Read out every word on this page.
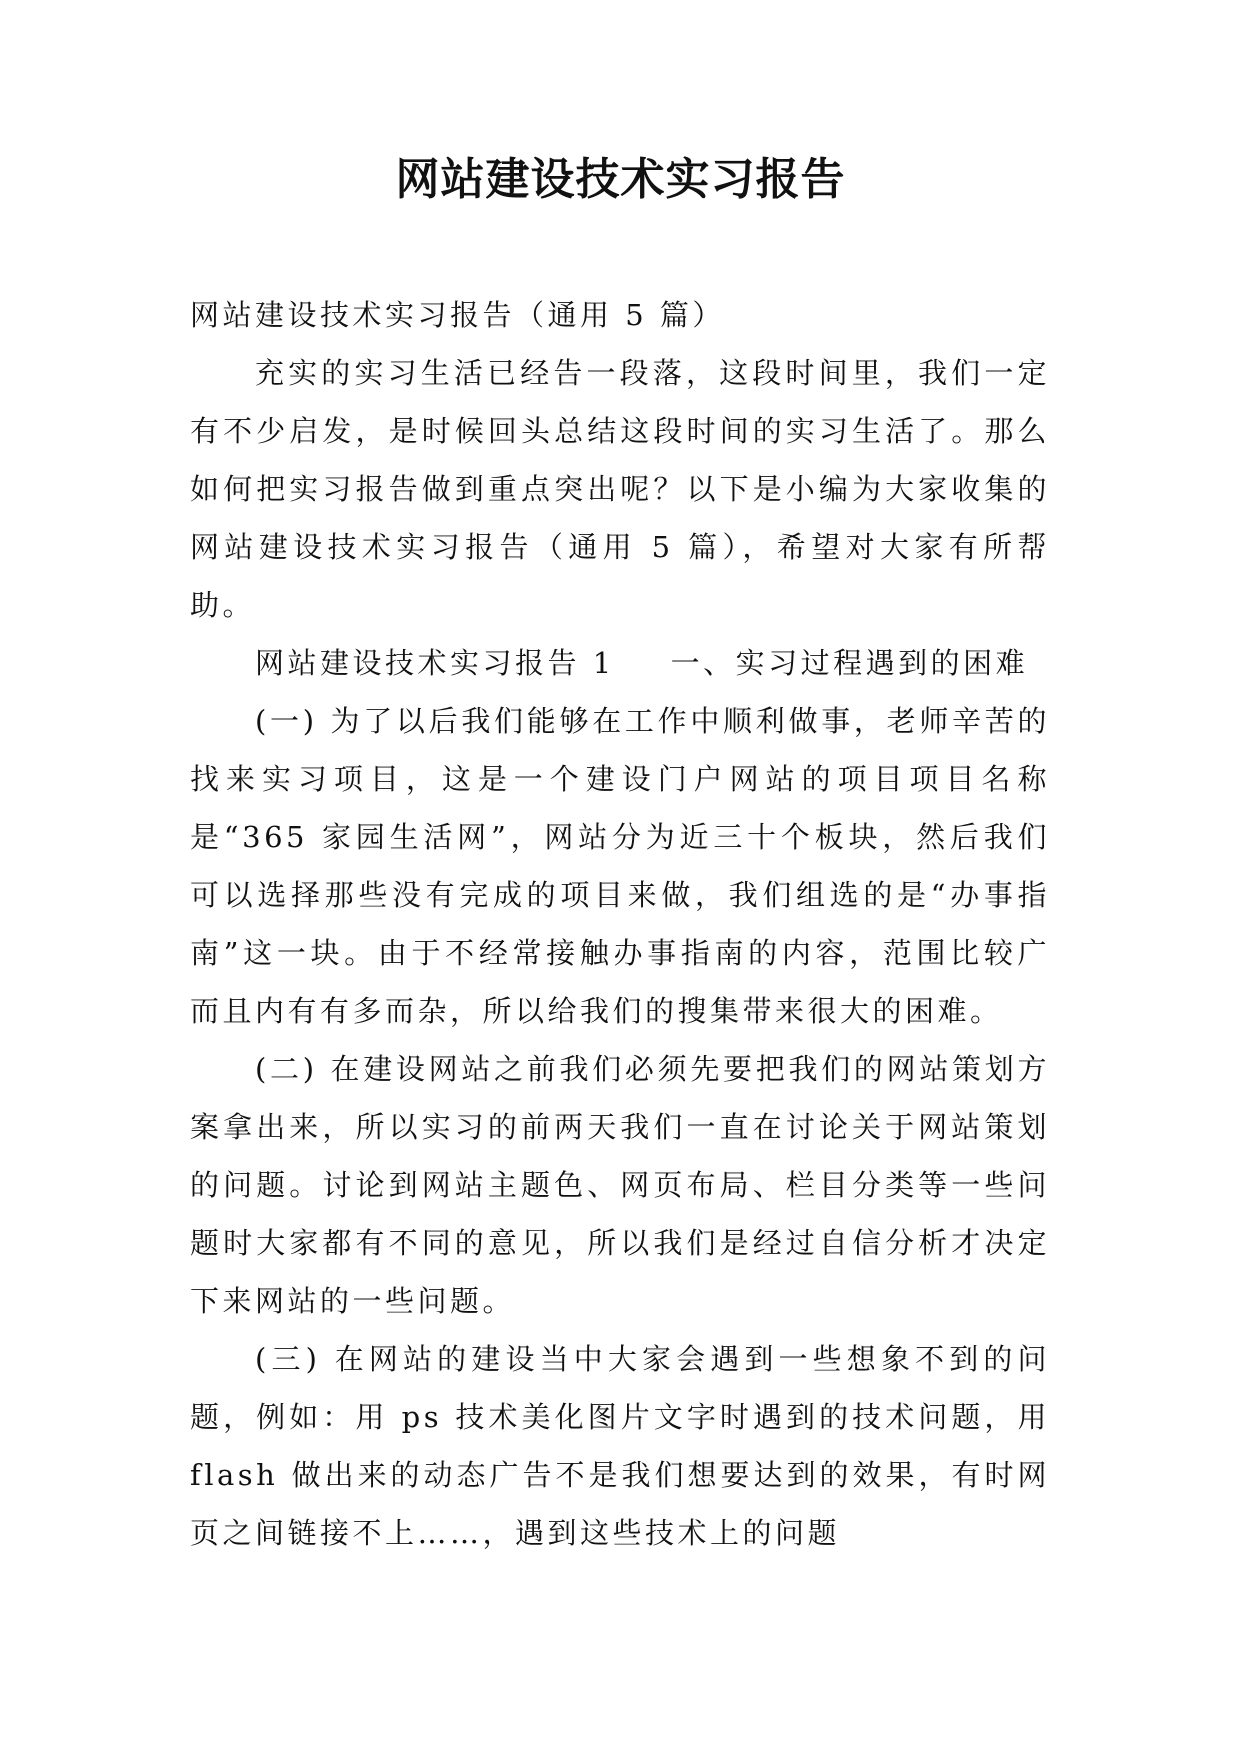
网站建设技术实习报告

网站建设技术实习报告（通用 5 篇）

充实的实习生活已经告一段落，这段时间里，我们一定有不少启发，是时候回头总结这段时间的实习生活了。那么如何把实习报告做到重点突出呢？以下是小编为大家收集的网站建设技术实习报告（通用 5 篇），希望对大家有所帮助。

网站建设技术实习报告 1 一、实习过程遇到的困难

(一) 为了以后我们能够在工作中顺利做事，老师辛苦的找来实习项目，这是一个建设门户网站的项目项目名称是“365 家园生活网”，网站分为近三十个板块，然后我们可以选择那些没有完成的项目来做，我们组选的是“办事指南”这一块。由于不经常接触办事指南的内容，范围比较广而且内有有多而杂，所以给我们的搜集带来很大的困难。

(二) 在建设网站之前我们必须先要把我们的网站策划方案拿出来，所以实习的前两天我们一直在讨论关于网站策划的问题。讨论到网站主题色、网页布局、栏目分类等一些问题时大家都有不同的意见，所以我们是经过自信分析才决定下来网站的一些问题。

(三) 在网站的建设当中大家会遇到一些想象不到的问题，例如：用 ps 技术美化图片文字时遇到的技术问题，用 flash 做出来的动态广告不是我们想要达到的效果，有时网页之间链接不上……，遇到这些技术上的问题
